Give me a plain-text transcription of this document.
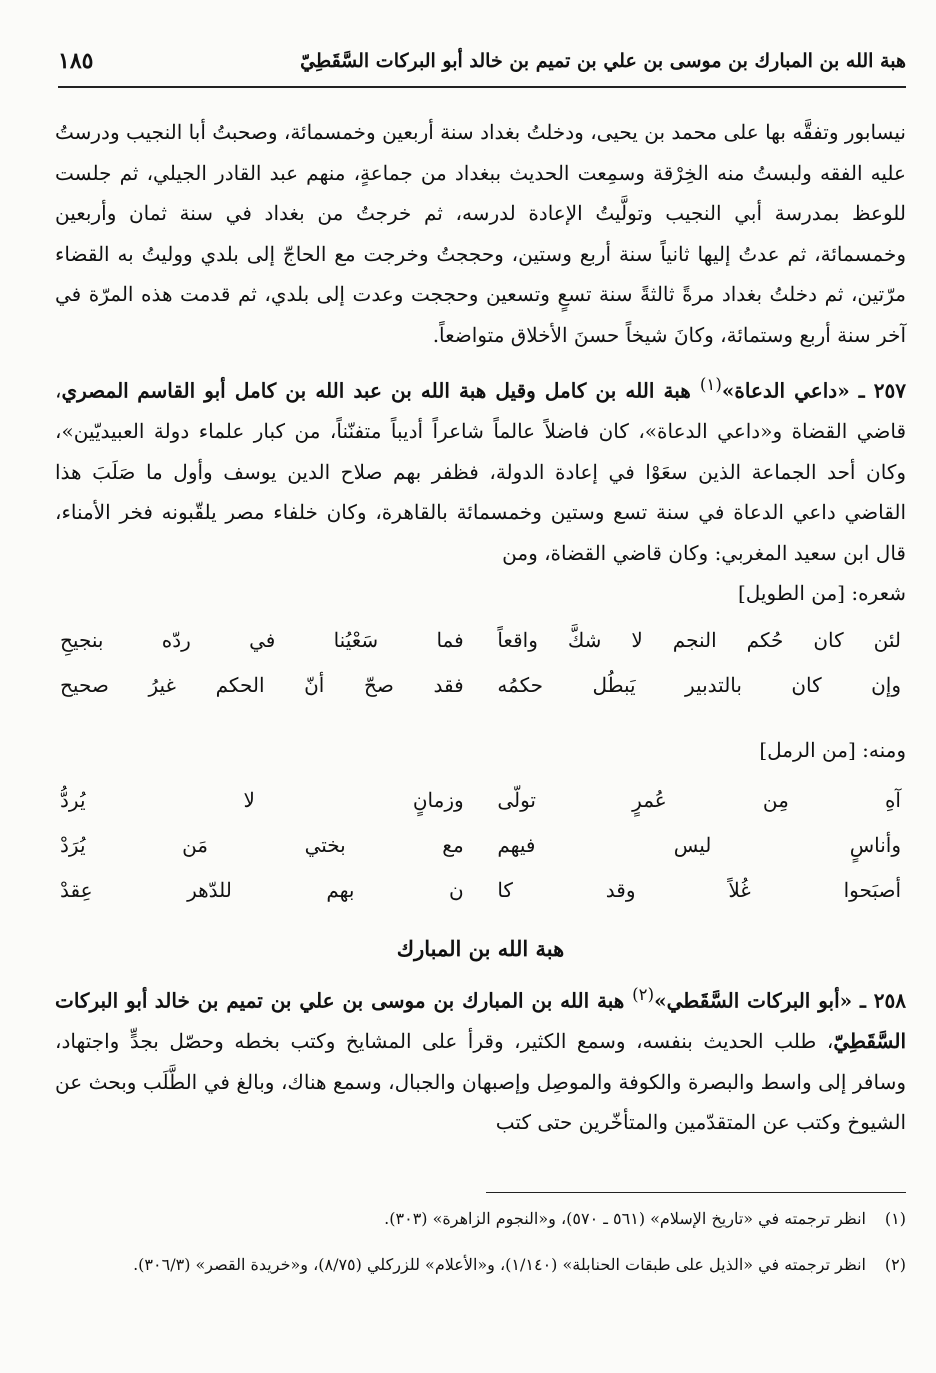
هبة الله بن المبارك بن موسى بن علي بن تميم بن خالد أبو البركات السَّقَطِيّ
١٨٥

نيسابور وتفقَّه بها على محمد بن يحيى، ودخلتُ بغداد سنة أربعين وخمسمائة، وصحبتُ أبا النجيب ودرستُ عليه الفقه ولبستُ منه الخِرْقة وسمِعت الحديث ببغداد من جماعةٍ، منهم عبد القادر الجيلي، ثم جلست للوعظ بمدرسة أبي النجيب وتولَّيتُ الإعادة لدرسه، ثم خرجتُ من بغداد في سنة ثمان وأربعين وخمسمائة، ثم عدتُ إليها ثانياً سنة أربع وستين، وحججتُ وخرجت مع الحاجّ إلى بلدي ووليتُ به القضاء مرّتين، ثم دخلتُ بغداد مرةً ثالثةً سنة تسعٍ وتسعين وحججت وعدت إلى بلدي، ثم قدمت هذه المرّة في آخر سنة أربع وستمائة، وكانَ شيخاً حسنَ الأخلاق متواضعاً.

٢٥٧ ـ «داعي الدعاة»$^{(١)}$ هبة الله بن كامل وقيل هبة الله بن عبد الله بن كامل أبو القاسم المصري، قاضي القضاة و«داعي الدعاة»، كان فاضلاً عالماً شاعراً أديباً متفنّناً، من كبار علماء دولة العبيديّين»، وكان أحد الجماعة الذين سعَوْا في إعادة الدولة، فظفر بهم صلاح الدين يوسف وأول ما صَلَبَ هذا القاضي داعي الدعاة في سنة تسع وستين وخمسمائة بالقاهرة، وكان خلفاء مصر يلقّبونه فخر الأمناء، قال ابن سعيد المغربي: وكان قاضي القضاة، ومن

شعره: [من الطويل]

لئن كان حُكم النجم لا شكَّ واقعاً
فما سَعْيُنا في ردّه بنجيحِ
وإن كان بالتدبير يَبطُل حكمُه
فقد صحّ أنّ الحكم غيرُ صحيح

ومنه: [من الرمل]

آهِ مِن عُمرٍ تولّى
وزمانٍ لا يُردُّ
وأناسٍ ليس فيهم
مع بختي مَن يُرَدْ
أصبَحوا غُلاً وقد كا
ن بهم للدّهر عِقدْ
هبة الله بن المبارك

٢٥٨ ـ «أبو البركات السَّقَطي»$^{(٢)}$ هبة الله بن المبارك بن موسى بن علي بن تميم بن خالد أبو البركات السَّقَطِيّ، طلب الحديث بنفسه، وسمع الكثير، وقرأ على المشايخ وكتب بخطه وحصّل بجدٍّ واجتهاد، وسافر إلى واسط والبصرة والكوفة والموصِل وإصبهان والجبال، وسمع هناك، وبالغ في الطَّلَب وبحث عن الشيوخ وكتب عن المتقدّمين والمتأخّرين حتى كتب

(١)
انظر ترجمته في «تاريخ الإسلام» (٥٦١ ـ ٥٧٠)، و«النجوم الزاهرة» (٣٠٣).
(٢)
انظر ترجمته في «الذيل على طبقات الحنابلة» (١/١٤٠)، و«الأعلام» للزركلي (٨/٧٥)، و«خريدة القصر» (٣٠٦/٣).
